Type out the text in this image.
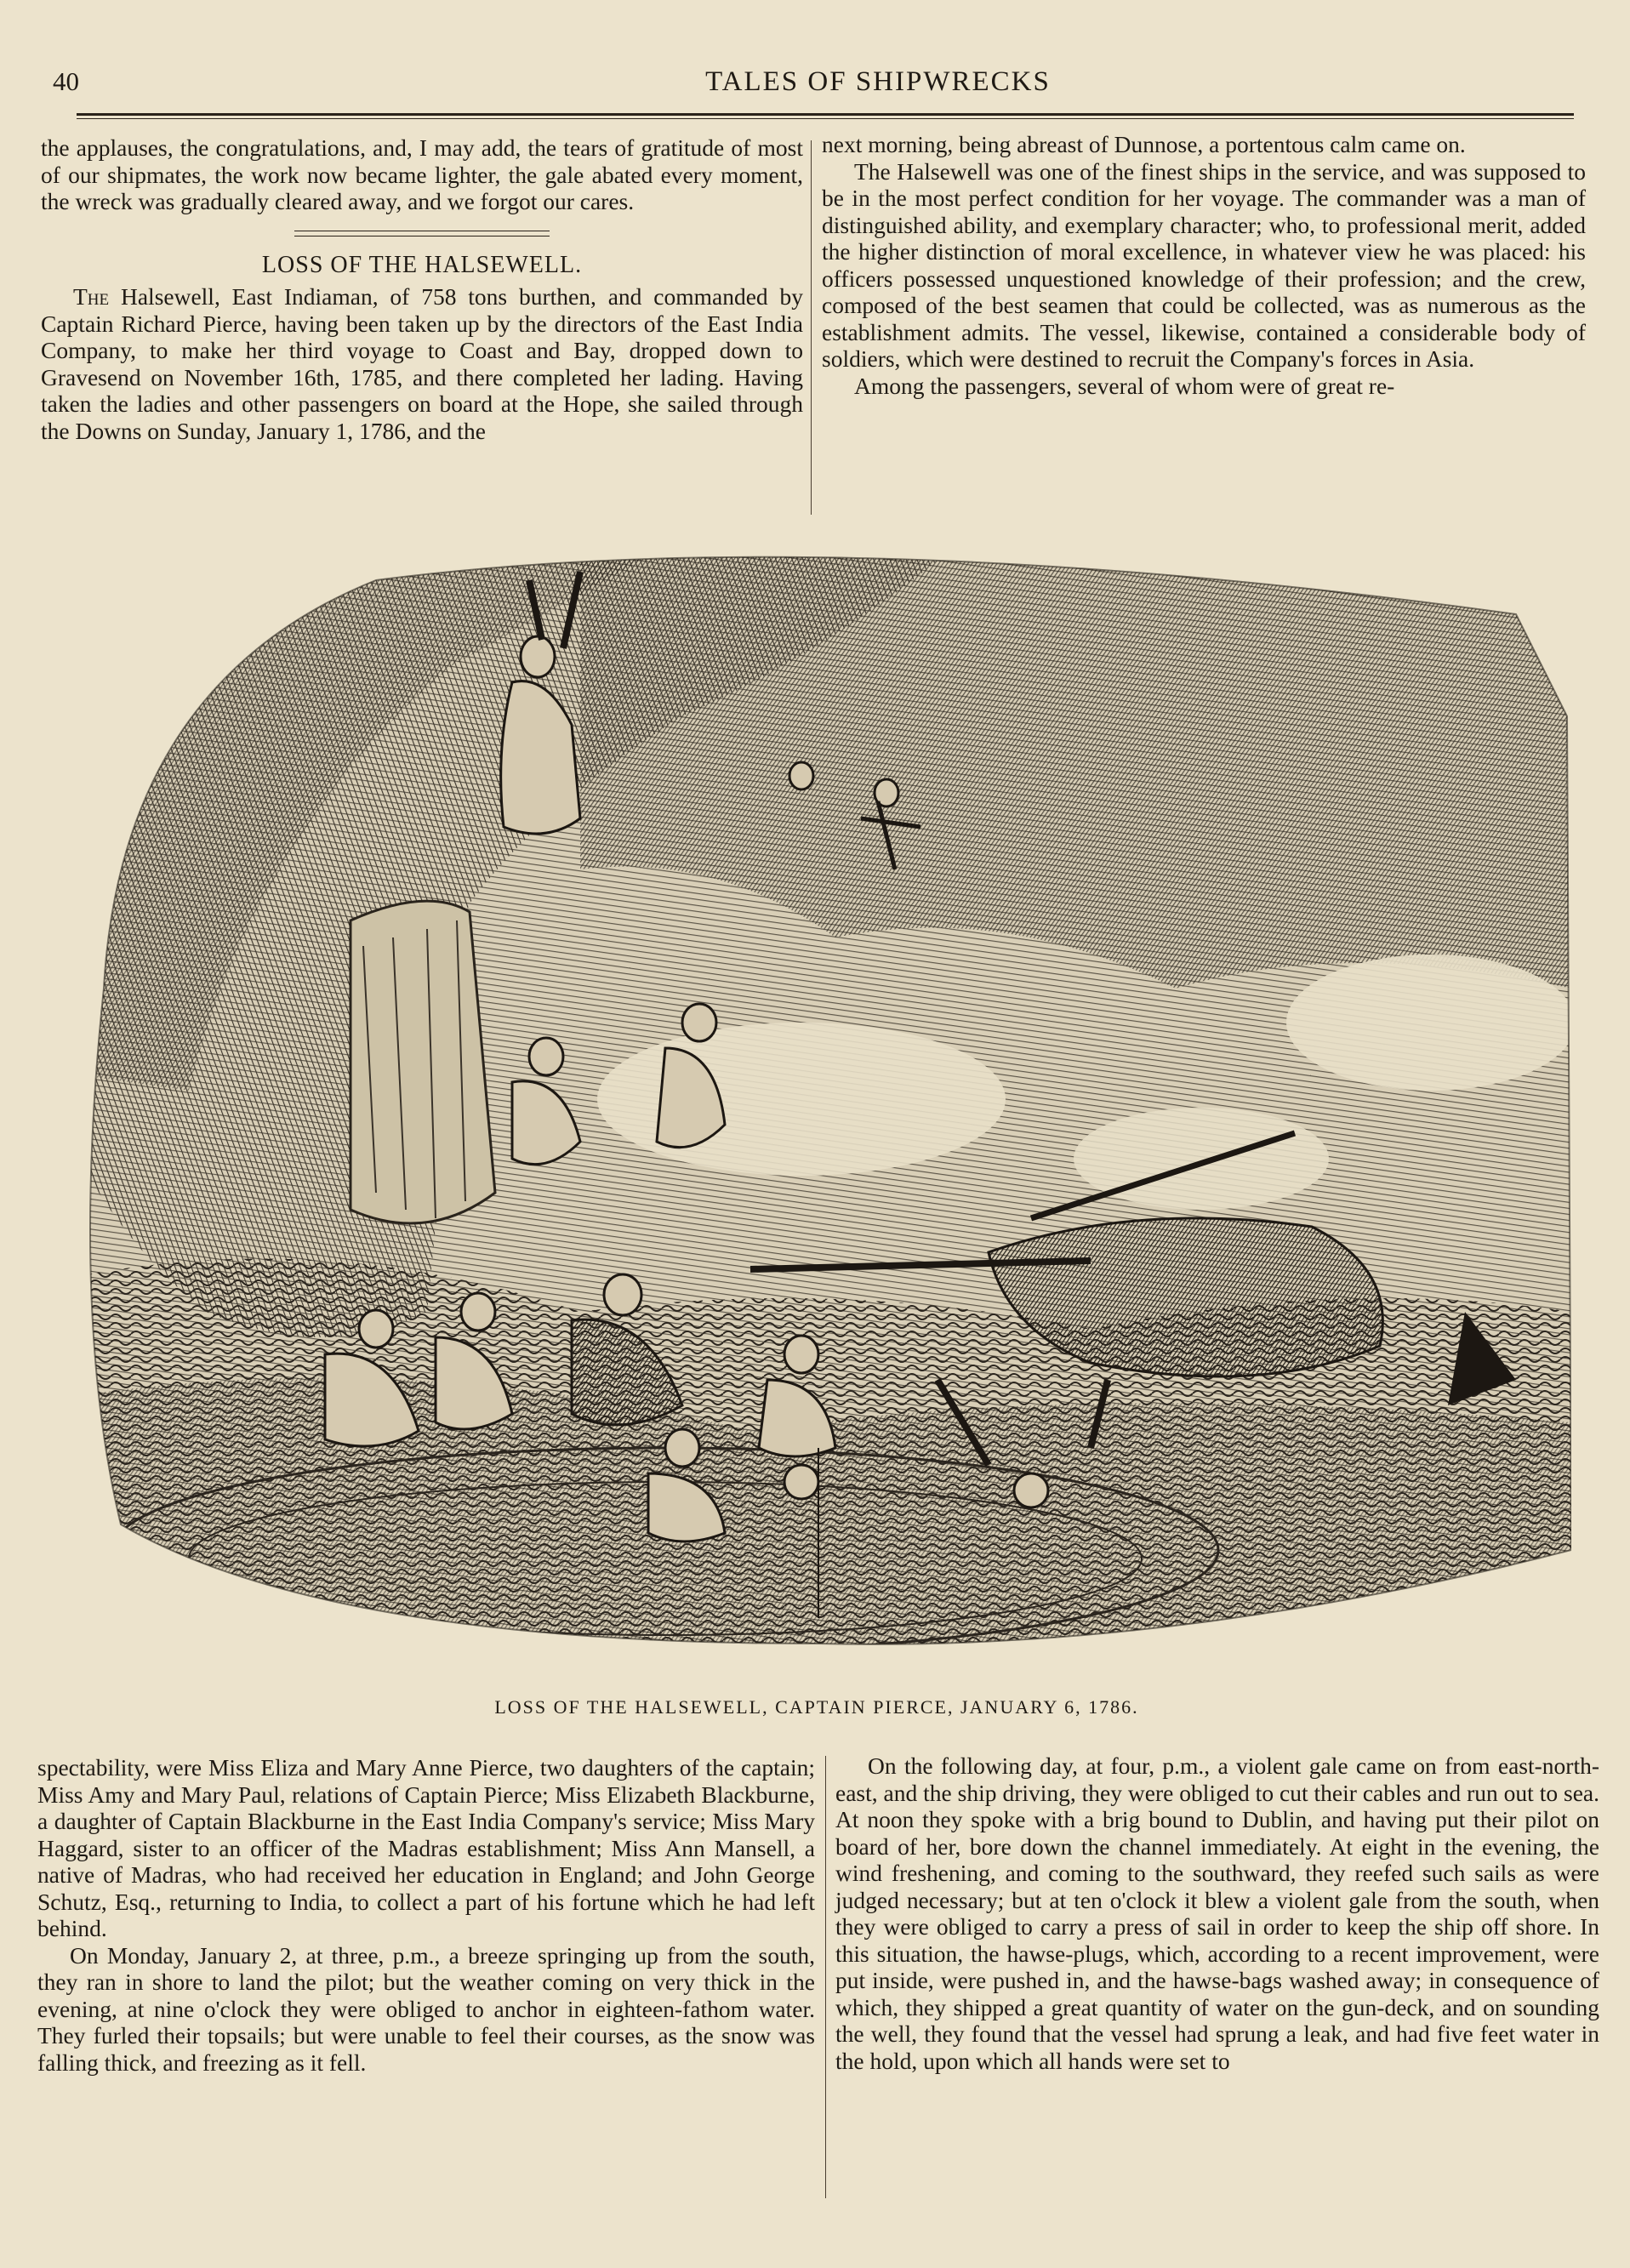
40	TALES OF SHIPWRECKS

the applauses, the congratulations, and, I may add, the tears of gratitude of most of our shipmates, the work now became lighter, the gale abated every moment, the wreck was gradually cleared away, and we forgot our cares.

LOSS OF THE HALSEWELL.

The Halsewell, East Indiaman, of 758 tons burthen, and commanded by Captain Richard Pierce, having been taken up by the directors of the East India Company, to make her third voyage to Coast and Bay, dropped down to Gravesend on November 16th, 1785, and there completed her lading. Having taken the ladies and other passengers on board at the Hope, she sailed through the Downs on Sunday, January 1, 1786, and the

next morning, being abreast of Dunnose, a portentous calm came on.

The Halsewell was one of the finest ships in the service, and was supposed to be in the most perfect condition for her voyage. The commander was a man of distinguished ability, and exemplary character; who, to professional merit, added the higher distinction of moral excellence, in whatever view he was placed: his officers possessed unquestioned knowledge of their profession; and the crew, composed of the best seamen that could be collected, was as numerous as the establishment admits. The vessel, likewise, contained a considerable body of soldiers, which were destined to recruit the Company's forces in Asia.

Among the passengers, several of whom were of great re-

LOSS OF THE HALSEWELL, CAPTAIN PIERCE, JANUARY 6, 1786.

spectability, were Miss Eliza and Mary Anne Pierce, two daughters of the captain; Miss Amy and Mary Paul, relations of Captain Pierce; Miss Elizabeth Blackburne, a daughter of Captain Blackburne in the East India Company's service; Miss Mary Haggard, sister to an officer of the Madras establishment; Miss Ann Mansell, a native of Madras, who had received her education in England; and John George Schutz, Esq., returning to India, to collect a part of his fortune which he had left behind.

On Monday, January 2, at three, p.m., a breeze springing up from the south, they ran in shore to land the pilot; but the weather coming on very thick in the evening, at nine o'clock they were obliged to anchor in eighteen-fathom water. They furled their topsails; but were unable to feel their courses, as the snow was falling thick, and freezing as it fell.

On the following day, at four, p.m., a violent gale came on from east-north-east, and the ship driving, they were obliged to cut their cables and run out to sea. At noon they spoke with a brig bound to Dublin, and having put their pilot on board of her, bore down the channel immediately. At eight in the evening, the wind freshening, and coming to the southward, they reefed such sails as were judged necessary; but at ten o'clock it blew a violent gale from the south, when they were obliged to carry a press of sail in order to keep the ship off shore. In this situation, the hawse-plugs, which, according to a recent improvement, were put inside, were pushed in, and the hawse-bags washed away; in consequence of which, they shipped a great quantity of water on the gun-deck, and on sounding the well, they found that the vessel had sprung a leak, and had five feet water in the hold, upon which all hands were set to
